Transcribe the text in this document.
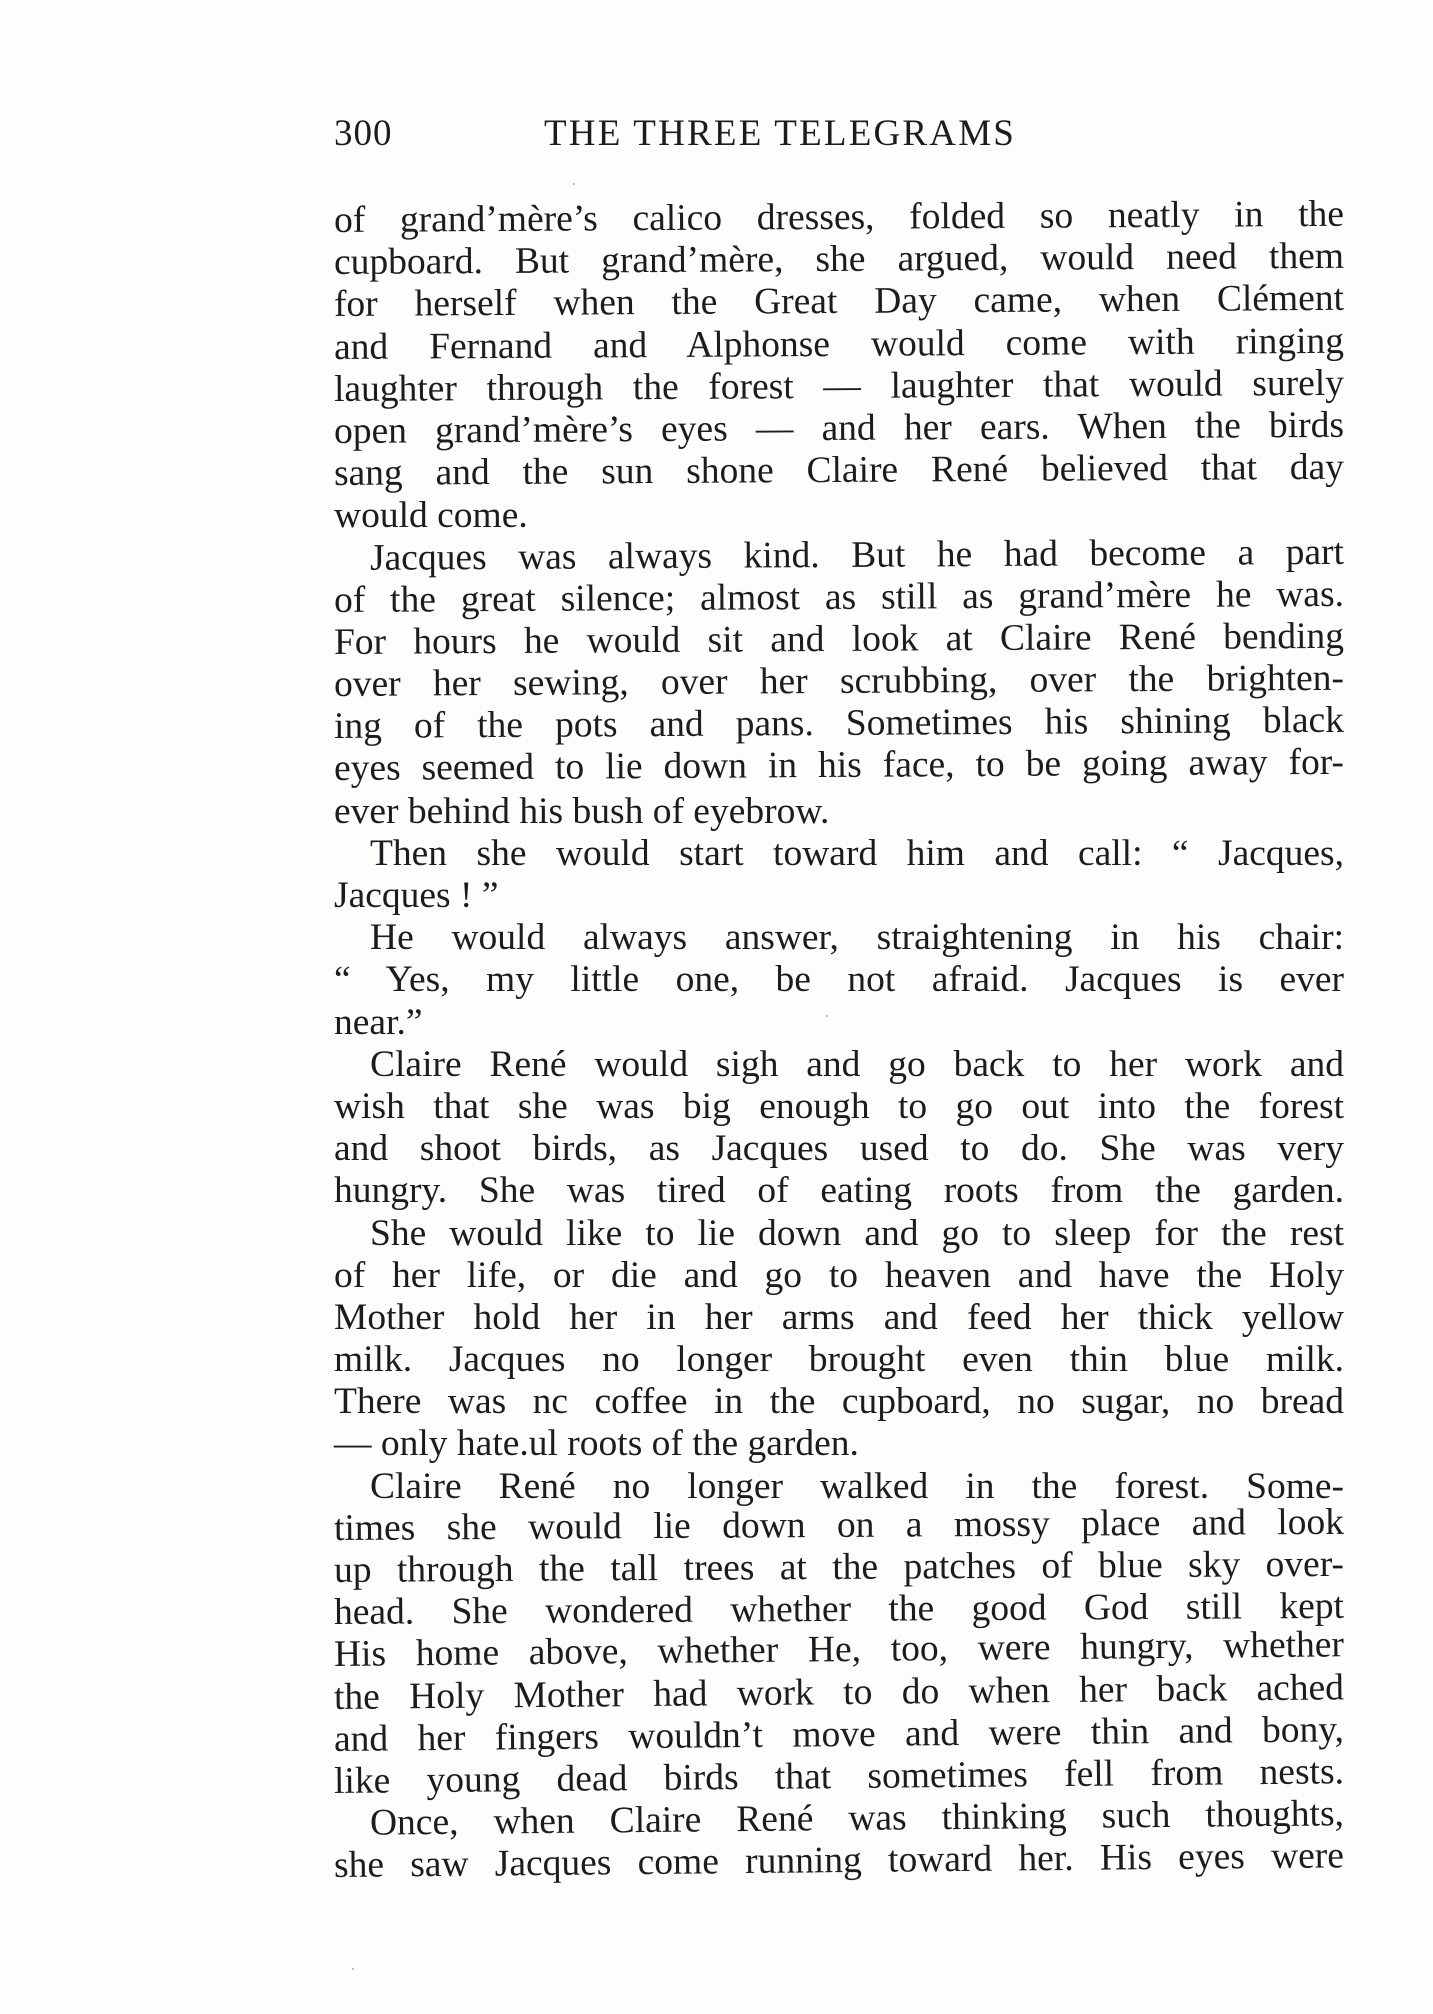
300	THE THREE TELEGRAMS
of grand’mère’s calico dresses, folded so neatly in the
cupboard. But grand’mère, she argued, would need them
for herself when the Great Day came, when Clément
and Fernand and Alphonse would come with ringing
laughter through the forest — laughter that would surely
open grand’mère’s eyes — and her ears. When the birds
sang and the sun shone Claire René believed that day
would come.
Jacques was always kind. But he had become a part
of the great silence; almost as still as grand’mère he was.
For hours he would sit and look at Claire René bending
over her sewing, over her scrubbing, over the brighten-
ing of the pots and pans. Sometimes his shining black
eyes seemed to lie down in his face, to be going away for-
ever behind his bush of eyebrow.
Then she would start toward him and call: “ Jacques,
Jacques ! ”
He would always answer, straightening in his chair:
“ Yes, my little one, be not afraid. Jacques is ever
near.”
Claire René would sigh and go back to her work and
wish that she was big enough to go out into the forest
and shoot birds, as Jacques used to do. She was very
hungry. She was tired of eating roots from the garden.
She would like to lie down and go to sleep for the rest
of her life, or die and go to heaven and have the Holy
Mother hold her in her arms and feed her thick yellow
milk. Jacques no longer brought even thin blue milk.
There was nc coffee in the cupboard, no sugar, no bread
— only hate.ul roots of the garden.
Claire René no longer walked in the forest. Some-
times she would lie down on a mossy place and look
up through the tall trees at the patches of blue sky over-
head. She wondered whether the good God still kept
His home above, whether He, too, were hungry, whether
the Holy Mother had work to do when her back ached
and her fingers wouldn’t move and were thin and bony,
like young dead birds that sometimes fell from nests.
Once, when Claire René was thinking such thoughts,
she saw Jacques come running toward her. His eyes were
